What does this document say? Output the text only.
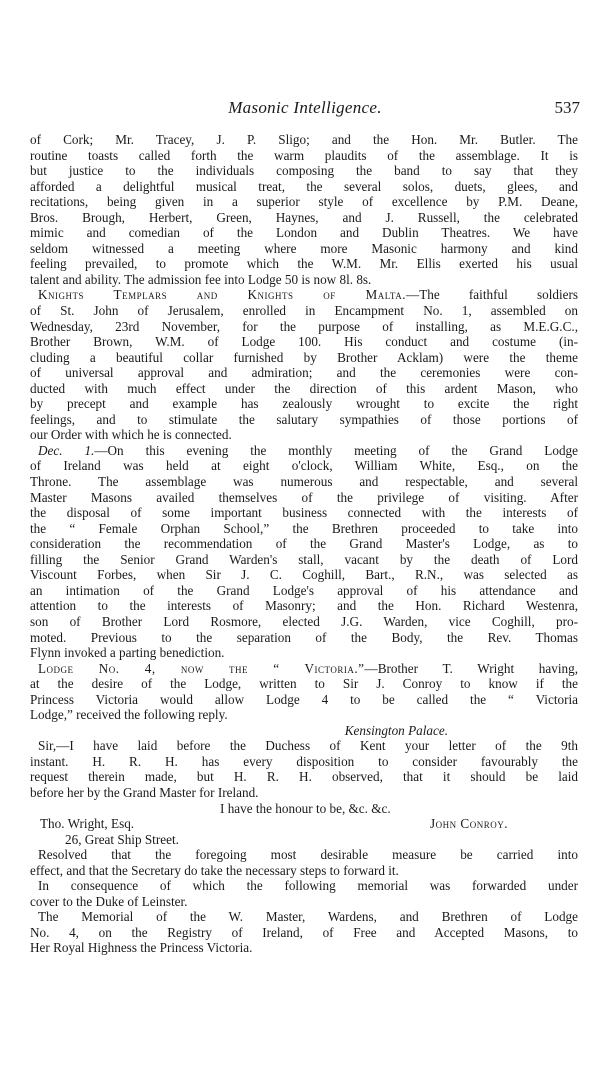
Masonic Intelligence.	537
of Cork; Mr. Tracey, J. P. Sligo; and the Hon. Mr. Butler. The
routine toasts called forth the warm plaudits of the assemblage. It is
but justice to the individuals composing the band to say that they
afforded a delightful musical treat, the several solos, duets, glees, and
recitations, being given in a superior style of excellence by P.M. Deane,
Bros. Brough, Herbert, Green, Haynes, and J. Russell, the celebrated
mimic and comedian of the London and Dublin Theatres. We have
seldom witnessed a meeting where more Masonic harmony and kind
feeling prevailed, to promote which the W.M. Mr. Ellis exerted his usual
talent and ability. The admission fee into Lodge 50 is now 8l. 8s.
Knights Templars and Knights of Malta.—The faithful soldiers
of St. John of Jerusalem, enrolled in Encampment No. 1, assembled on
Wednesday, 23rd November, for the purpose of installing, as M.E.G.C.,
Brother Brown, W.M. of Lodge 100. His conduct and costume (in-
cluding a beautiful collar furnished by Brother Acklam) were the theme
of universal approval and admiration; and the ceremonies were con-
ducted with much effect under the direction of this ardent Mason, who
by precept and example has zealously wrought to excite the right
feelings, and to stimulate the salutary sympathies of those portions of
our Order with which he is connected.
Dec. 1.—On this evening the monthly meeting of the Grand Lodge
of Ireland was held at eight o'clock, William White, Esq., on the
Throne. The assemblage was numerous and respectable, and several
Master Masons availed themselves of the privilege of visiting. After
the disposal of some important business connected with the interests of
the “ Female Orphan School,” the Brethren proceeded to take into
consideration the recommendation of the Grand Master's Lodge, as to
filling the Senior Grand Warden's stall, vacant by the death of Lord
Viscount Forbes, when Sir J. C. Coghill, Bart., R.N., was selected as
an intimation of the Grand Lodge's approval of his attendance and
attention to the interests of Masonry; and the Hon. Richard Westenra,
son of Brother Lord Rosmore, elected J.G. Warden, vice Coghill, pro-
moted. Previous to the separation of the Body, the Rev. Thomas
Flynn invoked a parting benediction.
Lodge No. 4, now the “ Victoria.”—Brother T. Wright having,
at the desire of the Lodge, written to Sir J. Conroy to know if the
Princess Victoria would allow Lodge 4 to be called the “ Victoria
Lodge,” received the following reply.
Kensington Palace.
Sir,—I have laid before the Duchess of Kent your letter of the 9th
instant. H. R. H. has every disposition to consider favourably the
request therein made, but H. R. H. observed, that it should be laid
before her by the Grand Master for Ireland.
I have the honour to be, &c. &c.
Tho. Wright, Esq.	John Conroy.
26, Great Ship Street.
Resolved that the foregoing most desirable measure be carried into
effect, and that the Secretary do take the necessary steps to forward it.
In consequence of which the following memorial was forwarded under
cover to the Duke of Leinster.
The Memorial of the W. Master, Wardens, and Brethren of Lodge
No. 4, on the Registry of Ireland, of Free and Accepted Masons, to
Her Royal Highness the Princess Victoria.
